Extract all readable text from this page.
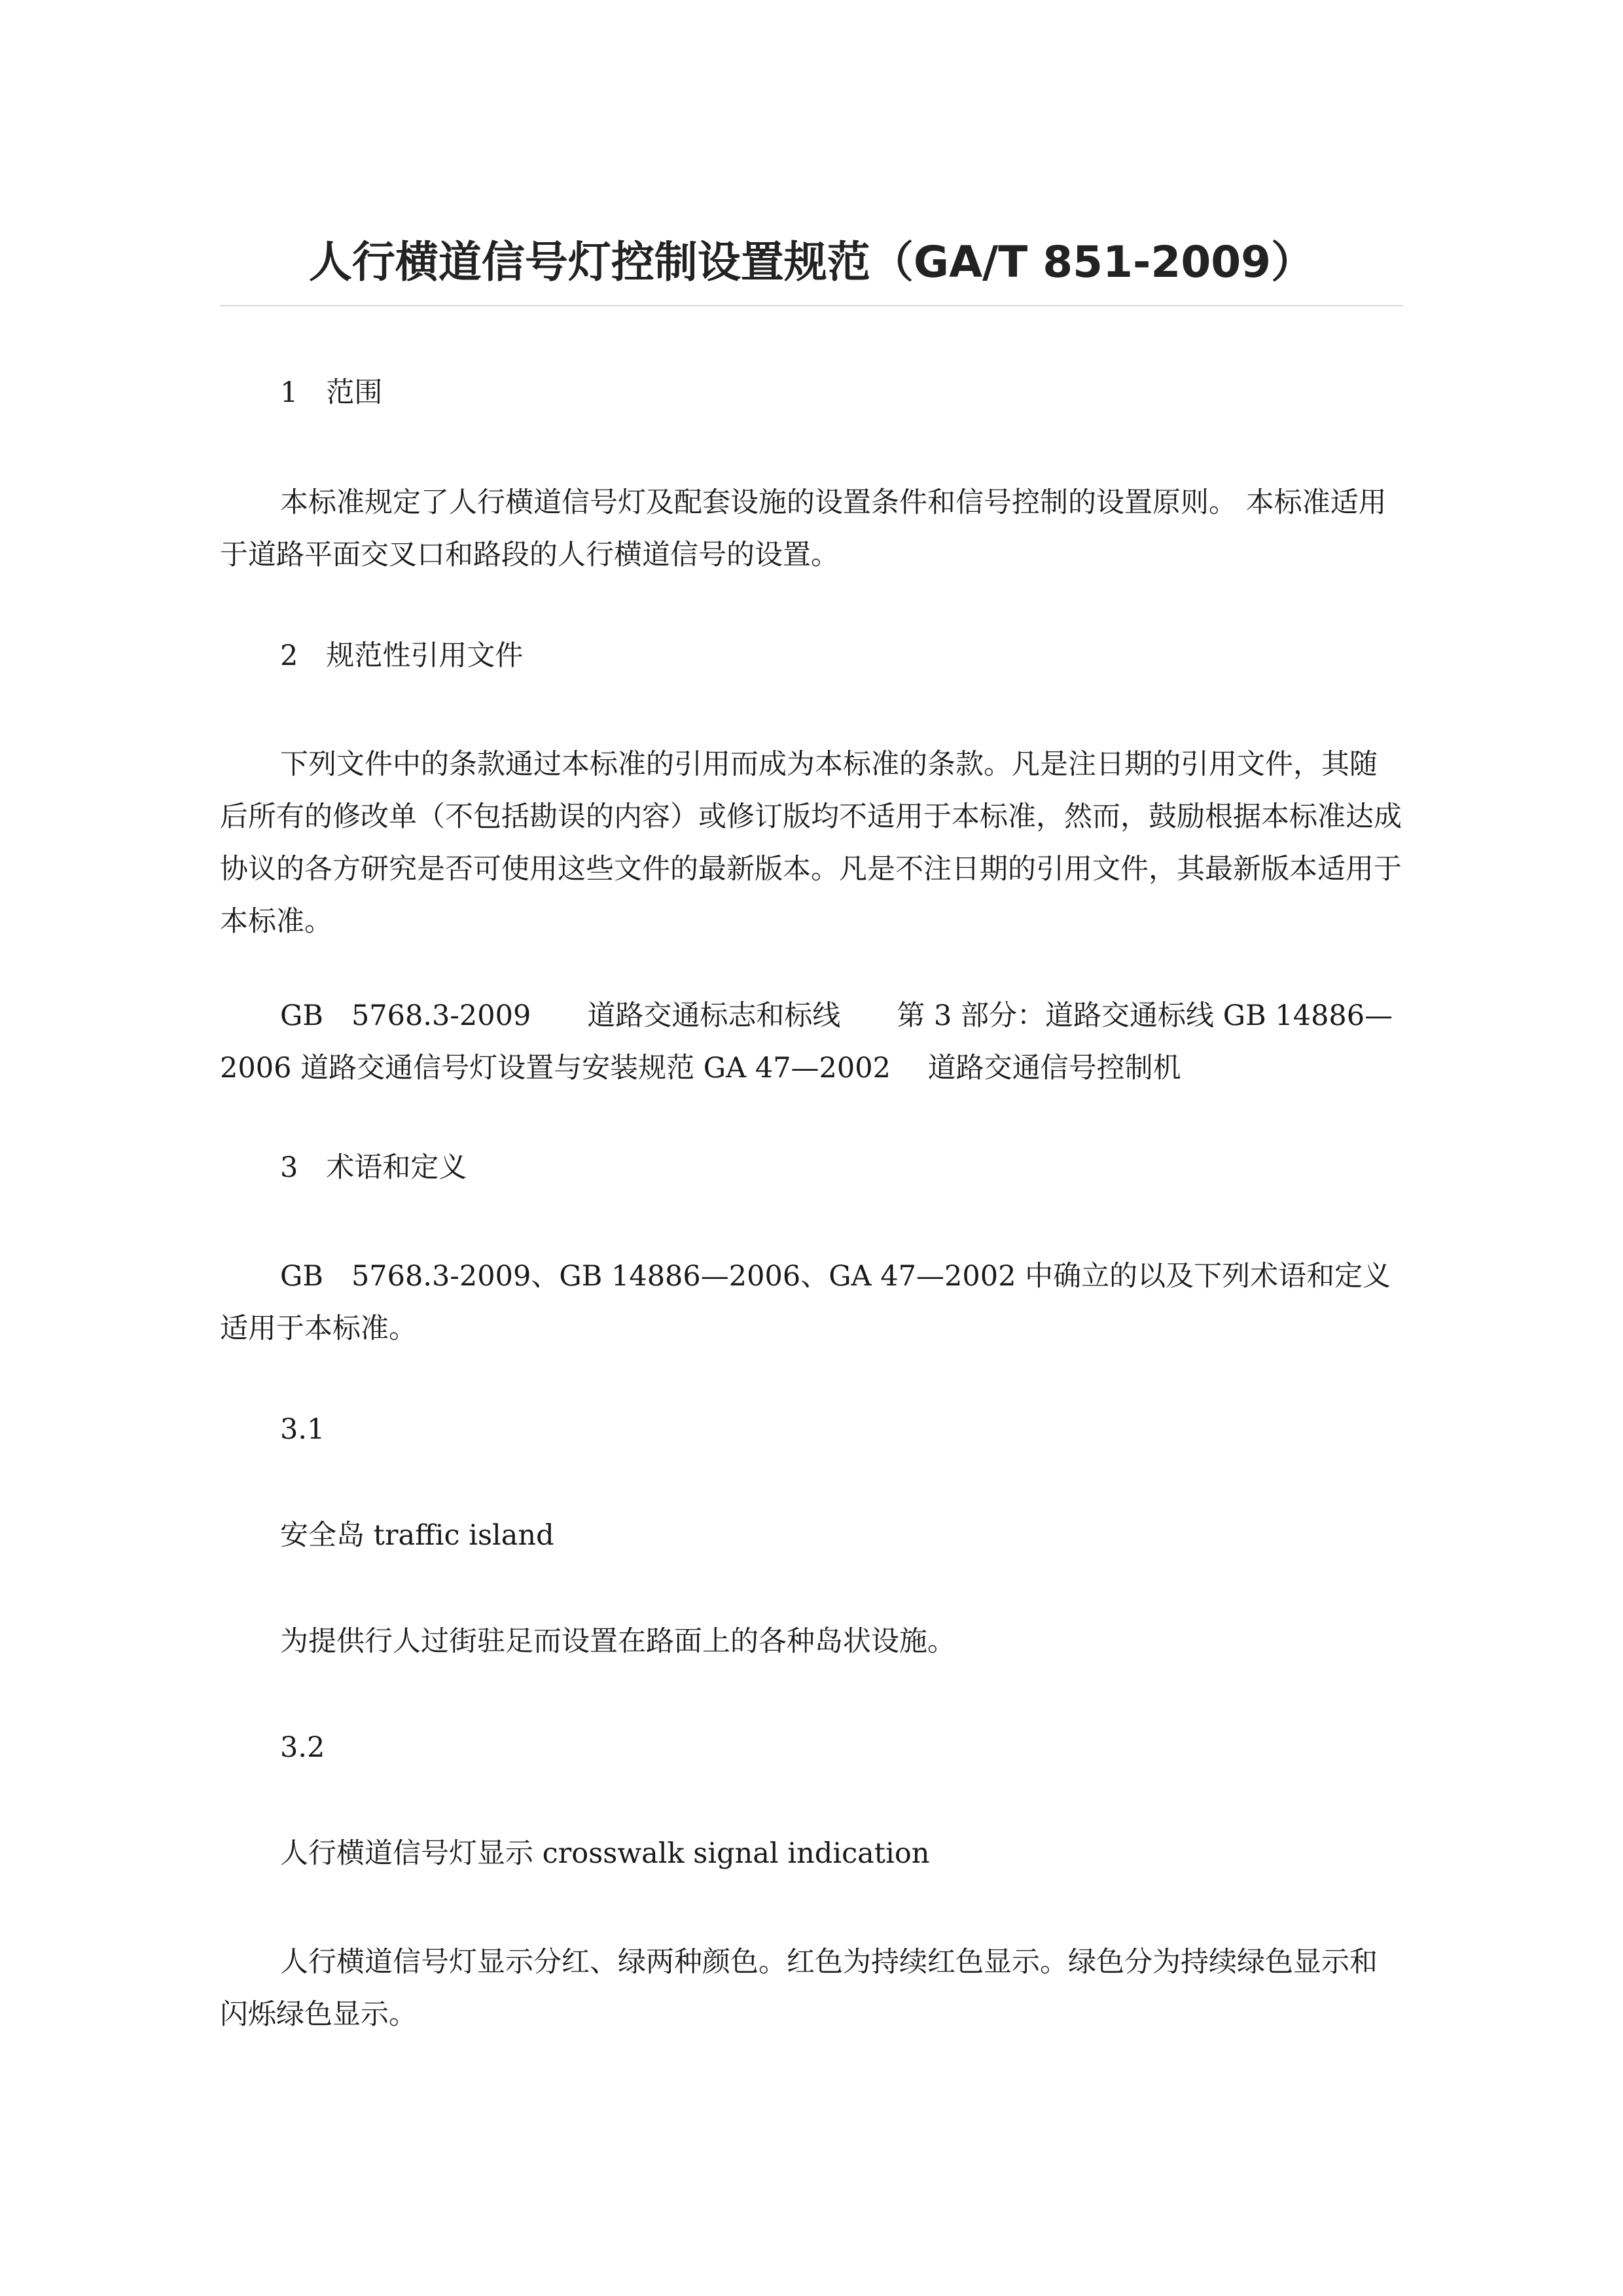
人行横道信号灯控制设置规范（GA/T 851-2009）

1　范围

本标准规定了人行横道信号灯及配套设施的设置条件和信号控制的设置原则。 本标准适用于道路平面交叉口和路段的人行横道信号的设置。

2　规范性引用文件

下列文件中的条款通过本标准的引用而成为本标准的条款。凡是注日期的引用文件，其随后所有的修改单（不包括勘误的内容）或修订版均不适用于本标准，然而，鼓励根据本标准达成协议的各方研究是否可使用这些文件的最新版本。凡是不注日期的引用文件，其最新版本适用于本标准。

GB　5768.3-2009　　道路交通标志和标线　　第 3 部分：道路交通标线 GB 14886—2006 道路交通信号灯设置与安装规范 GA 47—2002　 道路交通信号控制机

3　术语和定义

GB　5768.3-2009、GB 14886—2006、GA 47—2002 中确立的以及下列术语和定义适用于本标准。

3.1

安全岛 traffic island

为提供行人过街驻足而设置在路面上的各种岛状设施。

3.2

人行横道信号灯显示 crosswalk signal indication

人行横道信号灯显示分红、绿两种颜色。红色为持续红色显示。绿色分为持续绿色显示和闪烁绿色显示。
